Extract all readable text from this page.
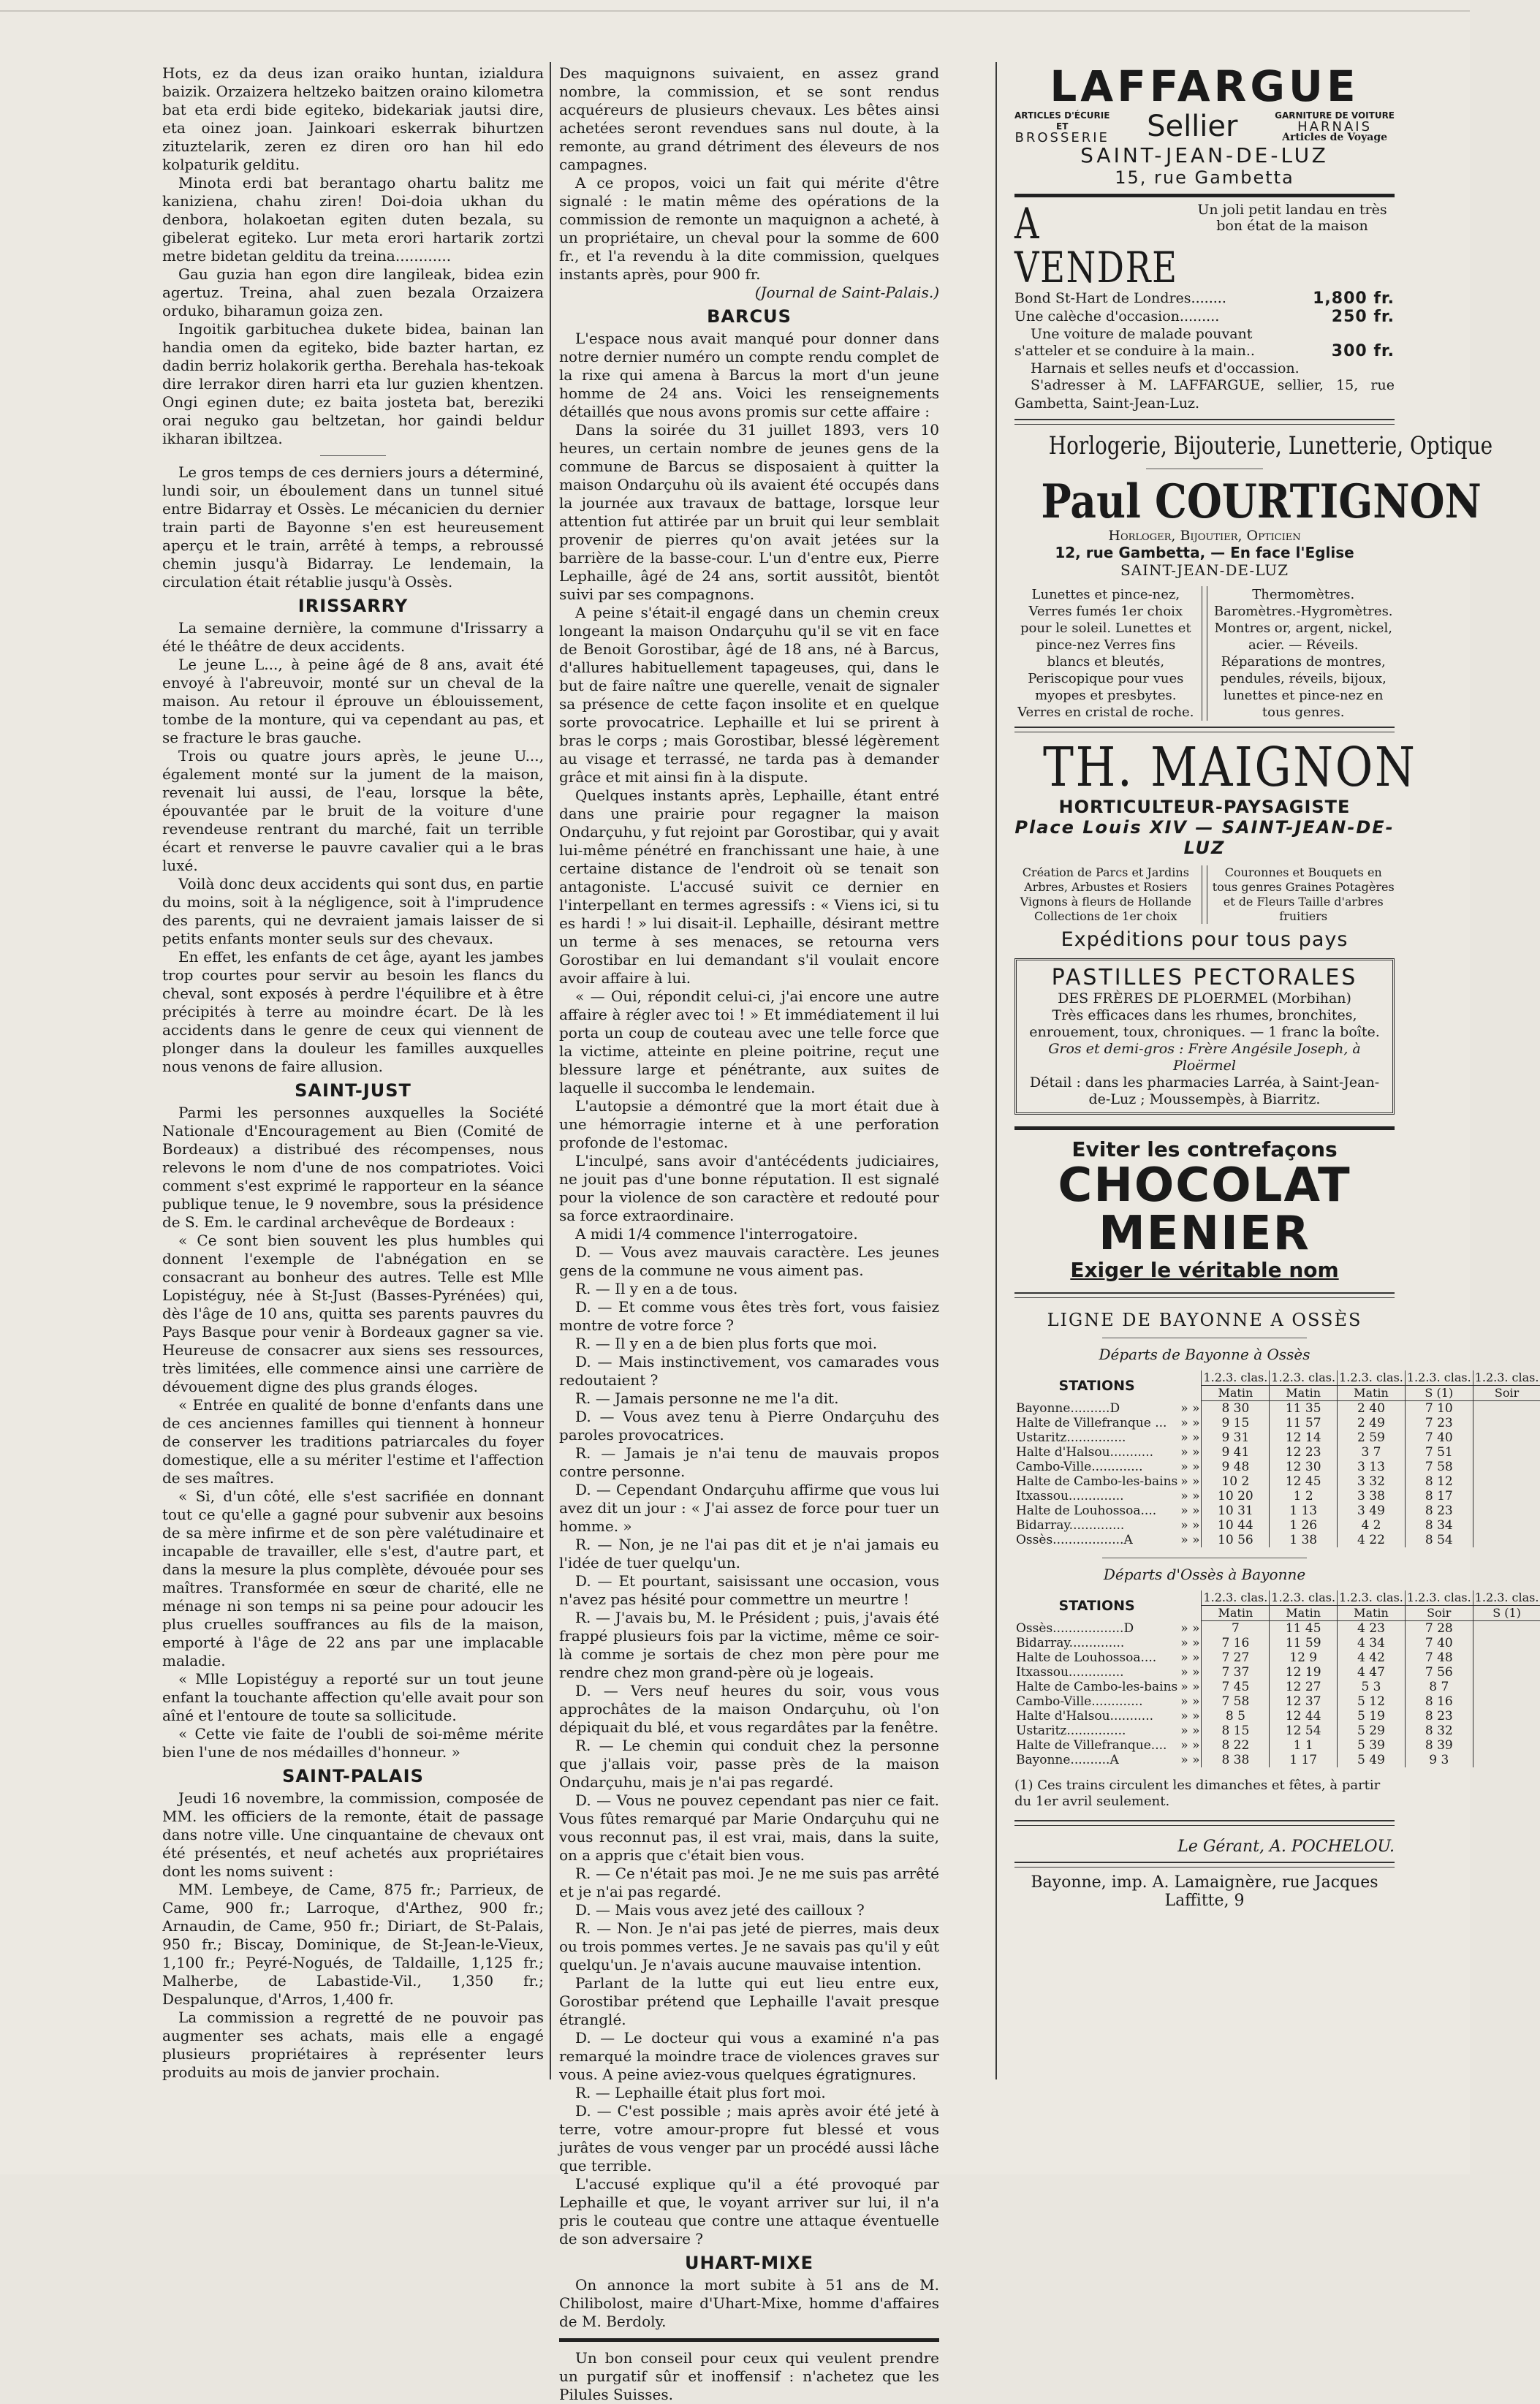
Hots, ez da deus izan oraiko huntan, izialdura baizik. Orzaizera heltzeko baitzen oraino kilometra bat eta erdi bide egiteko, bidekariak jautsi dire, eta oinez joan. Jainkoari eskerrak bihurtzen zituztelarik, zeren ez diren oro han hil edo kolpaturik gelditu.

Minota erdi bat berantago ohartu balitz me kaniziena, chahu ziren! Doi-doia ukhan du denbora, holakoetan egiten duten bezala, su gibelerat egiteko. Lur meta erori hartarik zortzi metre bidetan gelditu da treina............

Gau guzia han egon dire langileak, bidea ezin agertuz. Treina, ahal zuen bezala Orzaizera orduko, biharamun goiza zen.

Ingoitik garbituchea dukete bidea, bainan lan handia omen da egiteko, bide bazter hartan, ez dadin berriz holakorik gertha. Berehala has-tekoak dire lerrakor diren harri eta lur guzien khentzen. Ongi eginen dute; ez baita josteta bat, bereziki orai neguko gau beltzetan, hor gaindi beldur ikharan ibiltzea.

Le gros temps de ces derniers jours a déterminé, lundi soir, un éboulement dans un tunnel situé entre Bidarray et Ossès. Le mécanicien du dernier train parti de Bayonne s'en est heureusement aperçu et le train, arrêté à temps, a rebroussé chemin jusqu'à Bidarray. Le lendemain, la circulation était rétablie jusqu'à Ossès.

IRISSARRY

La semaine dernière, la commune d'Irissarry a été le théâtre de deux accidents.

Le jeune L..., à peine âgé de 8 ans, avait été envoyé à l'abreuvoir, monté sur un cheval de la maison. Au retour il éprouve un éblouissement, tombe de la monture, qui va cependant au pas, et se fracture le bras gauche.

Trois ou quatre jours après, le jeune U..., également monté sur la jument de la maison, revenait lui aussi, de l'eau, lorsque la bête, épouvantée par le bruit de la voiture d'une revendeuse rentrant du marché, fait un terrible écart et renverse le pauvre cavalier qui a le bras luxé.

Voilà donc deux accidents qui sont dus, en partie du moins, soit à la négligence, soit à l'imprudence des parents, qui ne devraient jamais laisser de si petits enfants monter seuls sur des chevaux.

En effet, les enfants de cet âge, ayant les jambes trop courtes pour servir au besoin les flancs du cheval, sont exposés à perdre l'équilibre et à être précipités à terre au moindre écart. De là les accidents dans le genre de ceux qui viennent de plonger dans la douleur les familles auxquelles nous venons de faire allusion.

SAINT-JUST

Parmi les personnes auxquelles la Société Nationale d'Encouragement au Bien (Comité de Bordeaux) a distribué des récompenses, nous relevons le nom d'une de nos compatriotes. Voici comment s'est exprimé le rapporteur en la séance publique tenue, le 9 novembre, sous la présidence de S. Em. le cardinal archevêque de Bordeaux :

« Ce sont bien souvent les plus humbles qui donnent l'exemple de l'abnégation en se consacrant au bonheur des autres. Telle est Mlle Lopistéguy, née à St-Just (Basses-Pyrénées) qui, dès l'âge de 10 ans, quitta ses parents pauvres du Pays Basque pour venir à Bordeaux gagner sa vie. Heureuse de consacrer aux siens ses ressources, très limitées, elle commence ainsi une carrière de dévouement digne des plus grands éloges.

« Entrée en qualité de bonne d'enfants dans une de ces anciennes familles qui tiennent à honneur de conserver les traditions patriarcales du foyer domestique, elle a su mériter l'estime et l'affection de ses maîtres.

« Si, d'un côté, elle s'est sacrifiée en donnant tout ce qu'elle a gagné pour subvenir aux besoins de sa mère infirme et de son père valétudinaire et incapable de travailler, elle s'est, d'autre part, et dans la mesure la plus complète, dévouée pour ses maîtres. Transformée en sœur de charité, elle ne ménage ni son temps ni sa peine pour adoucir les plus cruelles souffrances au fils de la maison, emporté à l'âge de 22 ans par une implacable maladie.

« Mlle Lopistéguy a reporté sur un tout jeune enfant la touchante affection qu'elle avait pour son aîné et l'entoure de toute sa sollicitude.

« Cette vie faite de l'oubli de soi-même mérite bien l'une de nos médailles d'honneur. »

SAINT-PALAIS

Jeudi 16 novembre, la commission, composée de MM. les officiers de la remonte, était de passage dans notre ville. Une cinquantaine de chevaux ont été présentés, et neuf achetés aux propriétaires dont les noms suivent :

MM. Lembeye, de Came, 875 fr.; Parrieux, de Came, 900 fr.; Larroque, d'Arthez, 900 fr.; Arnaudin, de Came, 950 fr.; Diriart, de St-Palais, 950 fr.; Biscay, Dominique, de St-Jean-le-Vieux, 1,100 fr.; Peyré-Nogués, de Taldaille, 1,125 fr.; Malherbe, de Labastide-Vil., 1,350 fr.; Despalunque, d'Arros, 1,400 fr.

La commission a regretté de ne pouvoir pas augmenter ses achats, mais elle a engagé plusieurs propriétaires à représenter leurs produits au mois de janvier prochain.

Des maquignons suivaient, en assez grand nombre, la commission, et se sont rendus acquéreurs de plusieurs chevaux. Les bêtes ainsi achetées seront revendues sans nul doute, à la remonte, au grand détriment des éleveurs de nos campagnes.

A ce propos, voici un fait qui mérite d'être signalé : le matin même des opérations de la commission de remonte un maquignon a acheté, à un propriétaire, un cheval pour la somme de 600 fr., et l'a revendu à la dite commission, quelques instants après, pour 900 fr.

(Journal de Saint-Palais.)

BARCUS

L'espace nous avait manqué pour donner dans notre dernier numéro un compte rendu complet de la rixe qui amena à Barcus la mort d'un jeune homme de 24 ans. Voici les renseignements détaillés que nous avons promis sur cette affaire :

Dans la soirée du 31 juillet 1893, vers 10 heures, un certain nombre de jeunes gens de la commune de Barcus se disposaient à quitter la maison Ondarçuhu où ils avaient été occupés dans la journée aux travaux de battage, lorsque leur attention fut attirée par un bruit qui leur semblait provenir de pierres qu'on avait jetées sur la barrière de la basse-cour. L'un d'entre eux, Pierre Lephaille, âgé de 24 ans, sortit aussitôt, bientôt suivi par ses compagnons.

A peine s'était-il engagé dans un chemin creux longeant la maison Ondarçuhu qu'il se vit en face de Benoit Gorostibar, âgé de 18 ans, né à Barcus, d'allures habituellement tapageuses, qui, dans le but de faire naître une querelle, venait de signaler sa présence de cette façon insolite et en quelque sorte provocatrice. Lephaille et lui se prirent à bras le corps ; mais Gorostibar, blessé légèrement au visage et terrassé, ne tarda pas à demander grâce et mit ainsi fin à la dispute.

Quelques instants après, Lephaille, étant entré dans une prairie pour regagner la maison Ondarçuhu, y fut rejoint par Gorostibar, qui y avait lui-même pénétré en franchissant une haie, à une certaine distance de l'endroit où se tenait son antagoniste. L'accusé suivit ce dernier en l'interpellant en termes agressifs : « Viens ici, si tu es hardi ! » lui disait-il. Lephaille, désirant mettre un terme à ses menaces, se retourna vers Gorostibar en lui demandant s'il voulait encore avoir affaire à lui.

« — Oui, répondit celui-ci, j'ai encore une autre affaire à régler avec toi ! » Et immédiatement il lui porta un coup de couteau avec une telle force que la victime, atteinte en pleine poitrine, reçut une blessure large et pénétrante, aux suites de laquelle il succomba le lendemain.

L'autopsie a démontré que la mort était due à une hémorragie interne et à une perforation profonde de l'estomac.

L'inculpé, sans avoir d'antécédents judiciaires, ne jouit pas d'une bonne réputation. Il est signalé pour la violence de son caractère et redouté pour sa force extraordinaire.

A midi 1/4 commence l'interrogatoire.

D. — Vous avez mauvais caractère. Les jeunes gens de la commune ne vous aiment pas.

R. — Il y en a de tous.

D. — Et comme vous êtes très fort, vous faisiez montre de votre force ?

R. — Il y en a de bien plus forts que moi.

D. — Mais instinctivement, vos camarades vous redoutaient ?

R. — Jamais personne ne me l'a dit.

D. — Vous avez tenu à Pierre Ondarçuhu des paroles provocatrices.

R. — Jamais je n'ai tenu de mauvais propos contre personne.

D. — Cependant Ondarçuhu affirme que vous lui avez dit un jour : « J'ai assez de force pour tuer un homme. »

R. — Non, je ne l'ai pas dit et je n'ai jamais eu l'idée de tuer quelqu'un.

D. — Et pourtant, saisissant une occasion, vous n'avez pas hésité pour commettre un meurtre !

R. — J'avais bu, M. le Président ; puis, j'avais été frappé plusieurs fois par la victime, même ce soir-là comme je sortais de chez mon père pour me rendre chez mon grand-père où je logeais.

D. — Vers neuf heures du soir, vous vous approchâtes de la maison Ondarçuhu, où l'on dépiquait du blé, et vous regardâtes par la fenêtre.

R. — Le chemin qui conduit chez la personne que j'allais voir, passe près de la maison Ondarçuhu, mais je n'ai pas regardé.

D. — Vous ne pouvez cependant pas nier ce fait. Vous fûtes remarqué par Marie Ondarçuhu qui ne vous reconnut pas, il est vrai, mais, dans la suite, on a appris que c'était bien vous.

R. — Ce n'était pas moi. Je ne me suis pas arrêté et je n'ai pas regardé.

D. — Mais vous avez jeté des cailloux ?

R. — Non. Je n'ai pas jeté de pierres, mais deux ou trois pommes vertes. Je ne savais pas qu'il y eût quelqu'un. Je n'avais aucune mauvaise intention.

Parlant de la lutte qui eut lieu entre eux, Gorostibar prétend que Lephaille l'avait presque étranglé.

D. — Le docteur qui vous a examiné n'a pas remarqué la moindre trace de violences graves sur vous. A peine aviez-vous quelques égratignures.

R. — Lephaille était plus fort moi.

D. — C'est possible ; mais après avoir été jeté à terre, votre amour-propre fut blessé et vous jurâtes de vous venger par un procédé aussi lâche que terrible.

L'accusé explique qu'il a été provoqué par Lephaille et que, le voyant arriver sur lui, il n'a pris le couteau que contre une attaque éventuelle de son adversaire ?

UHART-MIXE

On annonce la mort subite à 51 ans de M. Chilibolost, maire d'Uhart-Mixe, homme d'affaires de M. Berdoly.

Un bon conseil pour ceux qui veulent prendre un purgatif sûr et inoffensif : n'achetez que les Pilules Suisses.

LAFFARGUE
ARTICLES D'ÉCURIE
ET
BROSSERIE Sellier	GARNITURE DE VOITURE
HARNAIS
Articles de Voyage
SAINT-JEAN-DE-LUZ
15, rue Gambetta
A VENDRE
Un joli petit landau en très bon état de la maison
Bond St-Hart de Londres........	1,800 fr.
Une calèche d'occasion.........	250 fr.
Une voiture de malade pouvant
s'atteler et se conduire à la main..	300 fr.
Harnais et selles neufs et d'occassion.
S'adresser à M. LAFFARGUE, sellier, 15, rue Gambetta, Saint-Jean-Luz.
Horlogerie, Bijouterie, Lunetterie, Optique
Paul COURTIGNON
Horloger, Bijoutier, Opticien
12, rue Gambetta, — En face l'Eglise
SAINT-JEAN-DE-LUZ
Lunettes et pince-nez, Verres fumés 1er choix pour le soleil. Lunettes et pince-nez Verres fins blancs et bleutés, Periscopique pour vues myopes et presbytes. Verres en cristal de roche.
Thermomètres. Baromètres.-Hygromètres. Montres or, argent, nickel, acier. — Réveils. Réparations de montres, pendules, réveils, bijoux, lunettes et pince-nez en tous genres.
TH. MAIGNON
HORTICULTEUR-PAYSAGISTE
Place Louis XIV — SAINT-JEAN-DE-LUZ
Création de Parcs et Jardins Arbres, Arbustes et Rosiers Vignons à fleurs de Hollande Collections de 1er choix
Couronnes et Bouquets en tous genres Graines Potagères et de Fleurs Taille d'arbres fruitiers
Expéditions pour tous pays
PASTILLES PECTORALES
DES FRÈRES DE PLOERMEL (Morbihan)
Très efficaces dans les rhumes, bronchites, enrouement, toux, chroniques. — 1 franc la boîte.
Gros et demi-gros : Frère Angésile Joseph, à Ploërmel
Détail : dans les pharmacies Larréa, à Saint-Jean-de-Luz ; Moussempès, à Biarritz.
Eviter les contrefaçons
CHOCOLAT
MENIER
Exiger le véritable nom
LIGNE DE BAYONNE A OSSÈS
Départs de Bayonne à Ossès
STATIONS		1.2.3. clas.	1.2.3. clas.	1.2.3. clas.	1.2.3. clas.	1.2.3. clas.
		Matin	Matin	Matin	S (1)	Soir
Bayonne..........D	» »	8 30	11 35	2 40	7 10	
Halte de Villefranque ...	» »	9 15	11 57	2 49	7 23	
Ustaritz...............	» »	9 31	12 14	2 59	7 40	
Halte d'Halsou...........	» »	9 41	12 23	3 7	7 51	
Cambo-Ville.............	» »	9 48	12 30	3 13	7 58	
Halte de Cambo-les-bains	» »	10 2	12 45	3 32	8 12	
Itxassou..............	» »	10 20	1 2	3 38	8 17	
Halte de Louhossoa....	» »	10 31	1 13	3 49	8 23	
Bidarray..............	» »	10 44	1 26	4 2	8 34	
Ossès..................A	» »	10 56	1 38	4 22	8 54	
Départs d'Ossès à Bayonne
STATIONS		1.2.3. clas.	1.2.3. clas.	1.2.3. clas.	1.2.3. clas.	1.2.3. clas.
		Matin	Matin	Matin	Soir	S (1)
Ossès..................D	» »	7	11 45	4 23	7 28	
Bidarray..............	» »	7 16	11 59	4 34	7 40	
Halte de Louhossoa....	» »	7 27	12 9	4 42	7 48	
Itxassou..............	» »	7 37	12 19	4 47	7 56	
Halte de Cambo-les-bains	» »	7 45	12 27	5 3	8 7	
Cambo-Ville.............	» »	7 58	12 37	5 12	8 16	
Halte d'Halsou...........	» »	8 5	12 44	5 19	8 23	
Ustaritz...............	» »	8 15	12 54	5 29	8 32	
Halte de Villefranque....	» »	8 22	1 1	5 39	8 39	
Bayonne..........A	» »	8 38	1 17	5 49	9 3	
(1) Ces trains circulent les dimanches et fêtes, à partir du 1er avril seulement.
Le Gérant, A. POCHELOU.
Bayonne, imp. A. Lamaignère, rue Jacques Laffitte, 9
